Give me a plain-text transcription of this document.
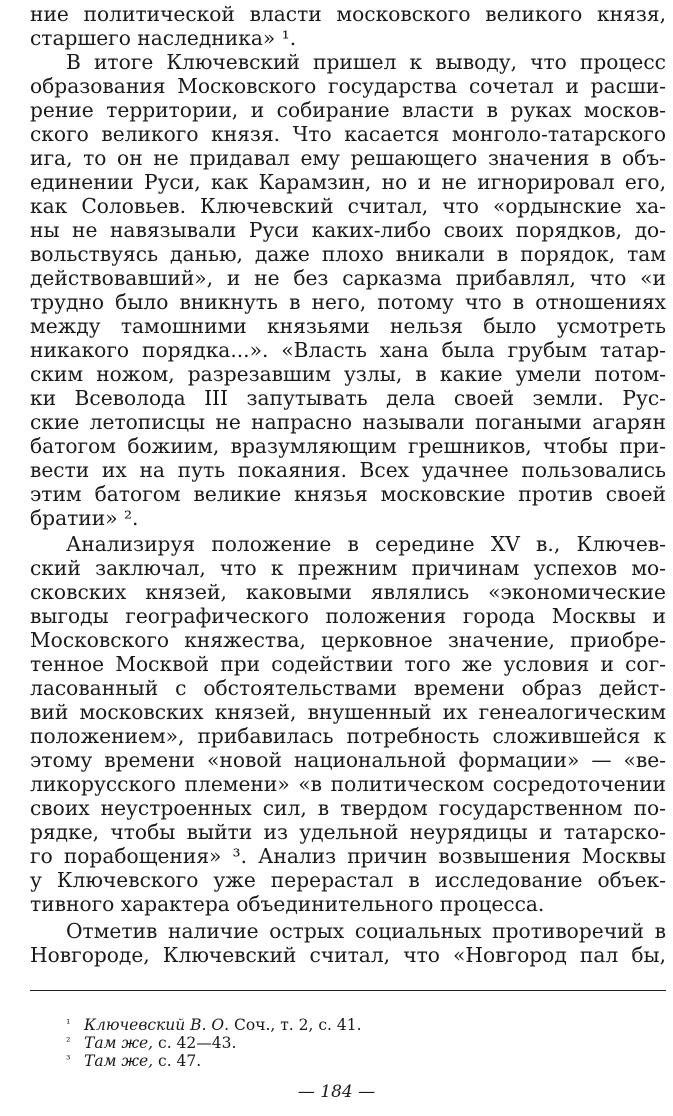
ние политической власти московского великого князя,
старшего наследника» ¹.
В итоге Ключевский пришел к выводу, что процесс
образования Московского государства сочетал и расши-
рение территории, и собирание власти в руках москов-
ского великого князя. Что касается монголо-татарского
ига, то он не придавал ему решающего значения в объ-
единении Руси, как Карамзин, но и не игнорировал его,
как Соловьев. Ключевский считал, что «ордынские ха-
ны не навязывали Руси каких-либо своих порядков, до-
вольствуясь данью, даже плохо вникали в порядок, там
действовавший», и не без сарказма прибавлял, что «и
трудно было вникнуть в него, потому что в отношениях
между тамошними князьями нельзя было усмотреть
никакого порядка...». «Власть хана была грубым татар-
ским ножом, разрезавшим узлы, в какие умели потом-
ки Всеволода III запутывать дела своей земли. Рус-
ские летописцы не напрасно называли погаными агарян
батогом божиим, вразумляющим грешников, чтобы при-
вести их на путь покаяния. Всех удачнее пользовались
этим батогом великие князья московские против своей
братии» ².
Анализируя положение в середине XV в., Ключев-
ский заключал, что к прежним причинам успехов мо-
сковских князей, каковыми являлись «экономические
выгоды географического положения города Москвы и
Московского княжества, церковное значение, приобре-
тенное Москвой при содействии того же условия и сог-
ласованный с обстоятельствами времени образ дейст-
вий московских князей, внушенный их генеалогическим
положением», прибавилась потребность сложившейся к
этому времени «новой национальной формации» — «ве-
ликорусского племени» «в политическом сосредоточении
своих неустроенных сил, в твердом государственном по-
рядке, чтобы выйти из удельной неурядицы и татарско-
го порабощения» ³. Анализ причин возвышения Москвы
у Ключевского уже перерастал в исследование объек-
тивного характера объединительного процесса.
Отметив наличие острых социальных противоречий в
Новгороде, Ключевский считал, что «Новгород пал бы,
¹ Ключевский В. О. Соч., т. 2, с. 41.
² Там же, с. 42—43.
³ Там же, с. 47.
— 184 —
